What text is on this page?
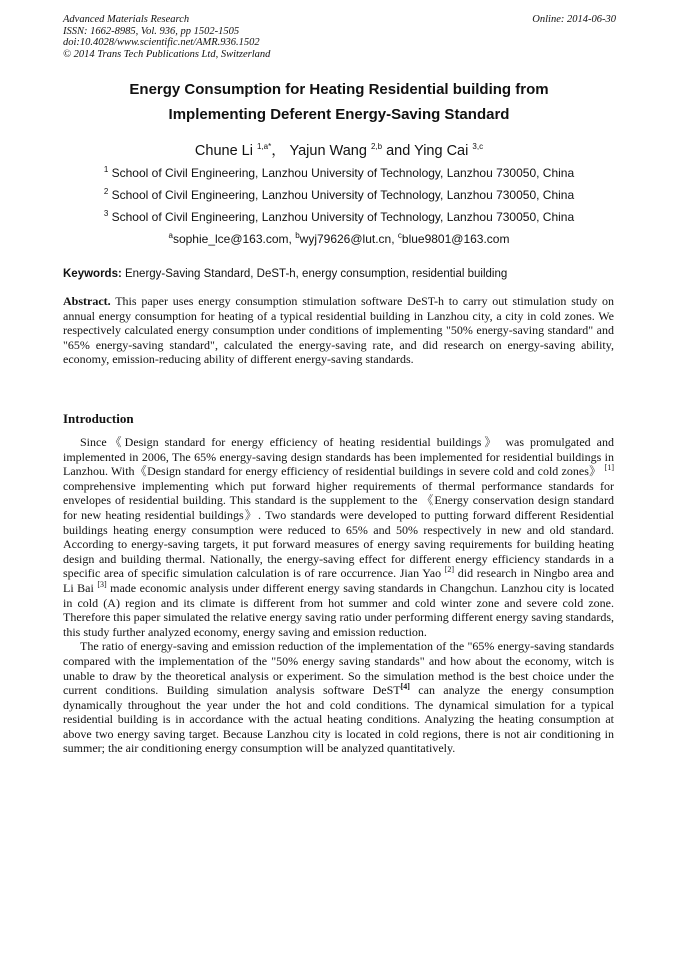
Advanced Materials Research
ISSN: 1662-8985, Vol. 936, pp 1502-1505
doi:10.4028/www.scientific.net/AMR.936.1502
© 2014 Trans Tech Publications Ltd, Switzerland
Online: 2014-06-30
Energy Consumption for Heating Residential building from
Implementing Deferent Energy-Saving Standard
Chune Li $^{1,a*}$， Yajun Wang $^{2,b}$ and Ying Cai $^{3,c}$
$^1$ School of Civil Engineering, Lanzhou University of Technology, Lanzhou 730050, China
$^2$ School of Civil Engineering, Lanzhou University of Technology, Lanzhou 730050, China
$^3$ School of Civil Engineering, Lanzhou University of Technology, Lanzhou 730050, China
$^a$sophie_lce@163.com, $^b$wyj79626@lut.cn, $^c$blue9801@163.com
Keywords: Energy-Saving Standard, DeST-h, energy consumption, residential building
Abstract. This paper uses energy consumption stimulation software DeST-h to carry out stimulation study on annual energy consumption for heating of a typical residential building in Lanzhou city, a city in cold zones. We respectively calculated energy consumption under conditions of implementing "50% energy-saving standard" and "65% energy-saving standard", calculated the energy-saving rate, and did research on energy-saving ability, economy, emission-reducing ability of different energy-saving standards.
Introduction

Since《Design standard for energy efficiency of heating residential buildings》 was promulgated and implemented in 2006, The 65% energy-saving design standards has been implemented for residential buildings in Lanzhou. With《Design standard for energy efficiency of residential buildings in severe cold and cold zones》 [1] comprehensive implementing which put forward higher requirements of thermal performance standards for envelopes of residential building. This standard is the supplement to the 《Energy conservation design standard for new heating residential buildings》. Two standards were developed to putting forward different Residential buildings heating energy consumption were reduced to 65% and 50% respectively in new and old standard. According to energy-saving targets, it put forward measures of energy saving requirements for building heating design and building thermal. Nationally, the energy-saving effect for different energy efficiency standards in a specific area of specific simulation calculation is of rare occurrence. Jian Yao [2] did research in Ningbo area and Li Bai [3] made economic analysis under different energy saving standards in Changchun. Lanzhou city is located in cold (A) region and its climate is different from hot summer and cold winter zone and severe cold zone. Therefore this paper simulated the relative energy saving ratio under performing different energy saving standards, this study further analyzed economy, energy saving and emission reduction.

The ratio of energy-saving and emission reduction of the implementation of the "65% energy-saving standards compared with the implementation of the "50% energy saving standards" and how about the economy, witch is unable to draw by the theoretical analysis or experiment. So the simulation method is the best choice under the current conditions. Building simulation analysis software DeST[4] can analyze the energy consumption dynamically throughout the year under the hot and cold conditions. The dynamical simulation for a typical residential building is in accordance with the actual heating conditions. Analyzing the heating consumption at above two energy saving target. Because Lanzhou city is located in cold regions, there is not air conditioning in summer; the air conditioning energy consumption will be analyzed quantitatively.
